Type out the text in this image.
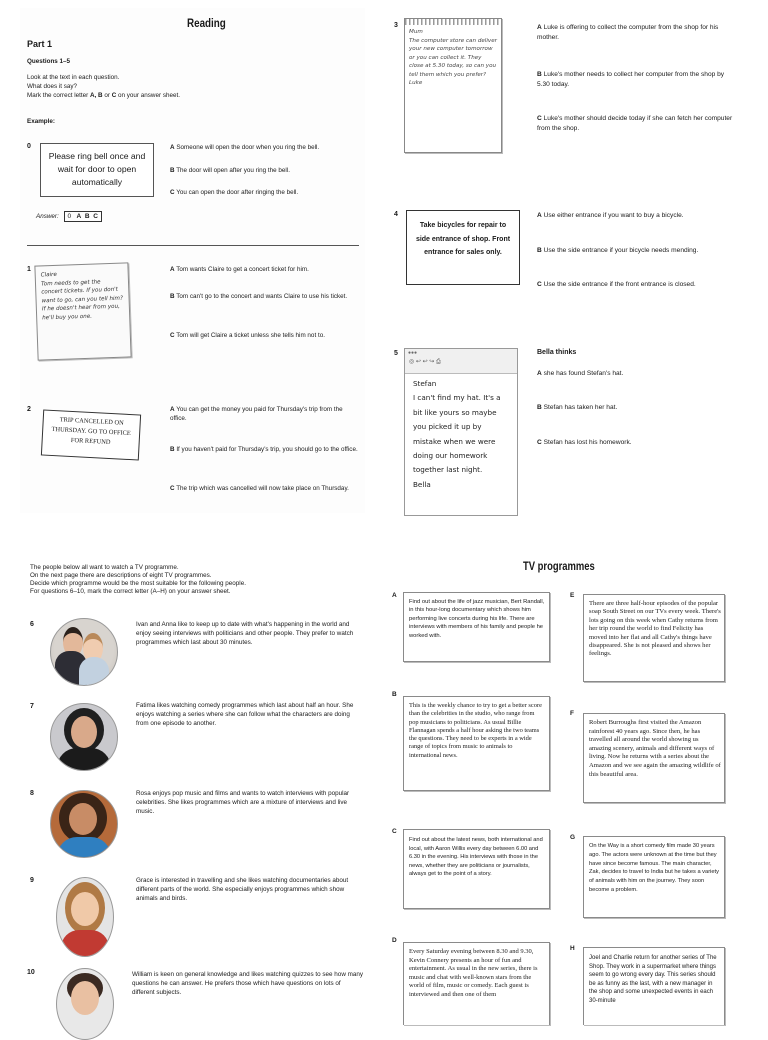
Reading
Part 1
Questions 1–5
Look at the text in each question.
What does it say?
Mark the correct letter A, B or C on your answer sheet.
Example:
0
Please ring bell once and wait for door to open automatically
A Someone will open the door when you ring the bell.
B The door will open after you ring the bell.
C You can open the door after ringing the bell.
Answer: 0 A B C
1
Claire
Tom needs to get the concert tickets. If you don't want to go, can you tell him? If he doesn't hear from you, he'll buy you one.
A Tom wants Claire to get a concert ticket for him.
B Tom can't go to the concert and wants Claire to use his ticket.
C Tom will get Claire a ticket unless she tells him not to.
2
TRIP CANCELLED ON THURSDAY. GO TO OFFICE FOR REFUND
A You can get the money you paid for Thursday's trip from the office.
B If you haven't paid for Thursday's trip, you should go to the office.
C The trip which was cancelled will now take place on Thursday.
3
Mum
The computer store can deliver your new computer tomorrow or you can collect it. They close at 5.30 today, so can you tell them which you prefer?
Luke
A Luke is offering to collect the computer from the shop for his mother.
B Luke's mother needs to collect her computer from the shop by 5.30 today.
C Luke's mother should decide today if she can fetch her computer from the shop.
4
Take bicycles for repair to side entrance of shop. Front entrance for sales only.
A Use either entrance if you want to buy a bicycle.
B Use the side entrance if your bicycle needs mending.
C Use the side entrance if the front entrance is closed.
5 ●●●
◎ ↩ ↩ ↪ ⎙
Stefan
I can't find my hat. It's a bit like yours so maybe you picked it up by mistake when we were doing our homework together last night.
Bella
Bella thinks
A she has found Stefan's hat.
B Stefan has taken her hat.
C Stefan has lost his homework.
The people below all want to watch a TV programme.
On the next page there are descriptions of eight TV programmes.
Decide which programme would be the most suitable for the following people.
For questions 6–10, mark the correct letter (A–H) on your answer sheet.
6	Ivan and Anna like to keep up to date with what's happening in the world and enjoy seeing interviews with politicians and other people. They prefer to watch programmes which last about 30 minutes.
7	Fatima likes watching comedy programmes which last about half an hour. She enjoys watching a series where she can follow what the characters are doing from one episode to another.
8	Rosa enjoys pop music and films and wants to watch interviews with popular celebrities. She likes programmes which are a mixture of interviews and live music.
9	Grace is interested in travelling and she likes watching documentaries about different parts of the world. She especially enjoys programmes which show animals and birds.
10	William is keen on general knowledge and likes watching quizzes to see how many questions he can answer. He prefers those which have questions on lots of different subjects.
TV programmes
A
Find out about the life of jazz musician, Bert Randall, in this hour-long documentary which shows him performing live concerts during his life. There are interviews with members of his family and people he worked with.
B
This is the weekly chance to try to get a better score than the celebrities in the studio, who range from pop musicians to politicians. As usual Billie Flannagan spends a half hour asking the two teams the questions. They need to be experts in a wide range of topics from music to animals to international news.
C
Find out about the latest news, both international and local, with Aaron Willis every day between 6.00 and 6.30 in the evening. His interviews with those in the news, whether they are politicians or journalists, always get to the point of a story.
D
Every Saturday evening between 8.30 and 9.30, Kevin Connery presents an hour of fun and entertainment. As usual in the new series, there is music and chat with well-known stars from the world of film, music or comedy. Each guest is interviewed and then one of them
E
There are three half-hour episodes of the popular soap South Street on our TVs every week. There's lots going on this week when Cathy returns from her trip round the world to find Felicity has moved into her flat and all Cathy's things have disappeared. She is not pleased and shows her feelings.
F
Robert Burroughs first visited the Amazon rainforest 40 years ago. Since then, he has travelled all around the world showing us amazing scenery, animals and different ways of living. Now he returns with a series about the Amazon and we see again the amazing wildlife of this beautiful area.
G
On the Way is a short comedy film made 30 years ago. The actors were unknown at the time but they have since become famous. The main character, Zak, decides to travel to India but he takes a variety of animals with him on the journey. They soon become a problem.
H
Joel and Charlie return for another series of The Shop. They work in a supermarket where things seem to go wrong every day. This series should be as funny as the last, with a new manager in the shop and some unexpected events in each 30-minute
